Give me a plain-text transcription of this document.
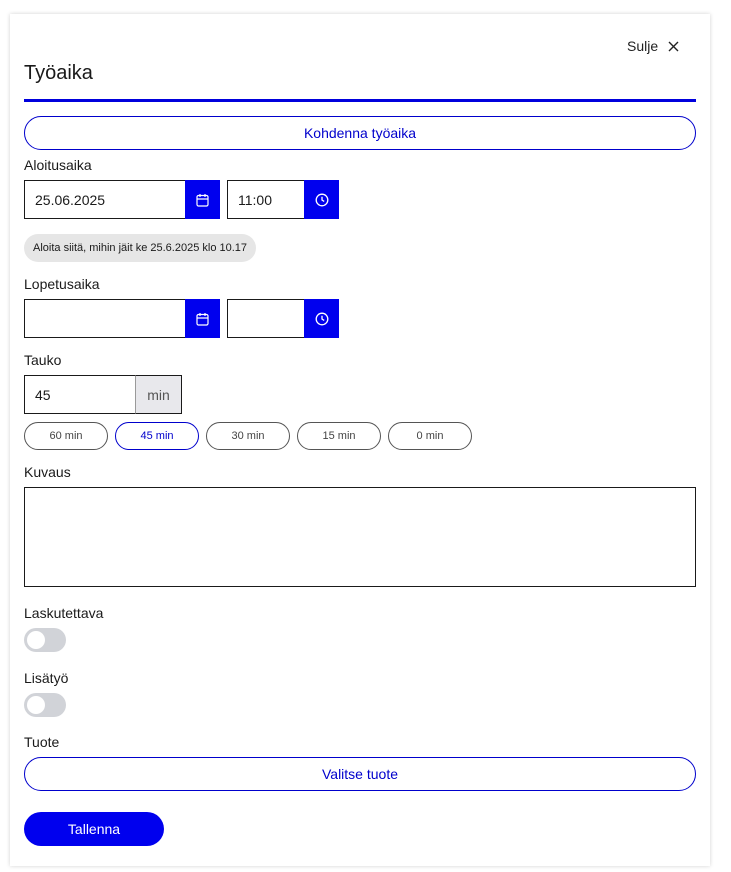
Sulje
Työaika
Kohdenna työaika
Aloitusaika
25.06.2025	11:00
Aloita siitä, mihin jäit ke 25.6.2025 klo 10.17
Lopetusaika
Tauko
45	min
60 min	45 min	30 min	15 min	0 min
Kuvaus
Laskutettava
Lisätyö
Tuote
Valitse tuote
Tallenna
